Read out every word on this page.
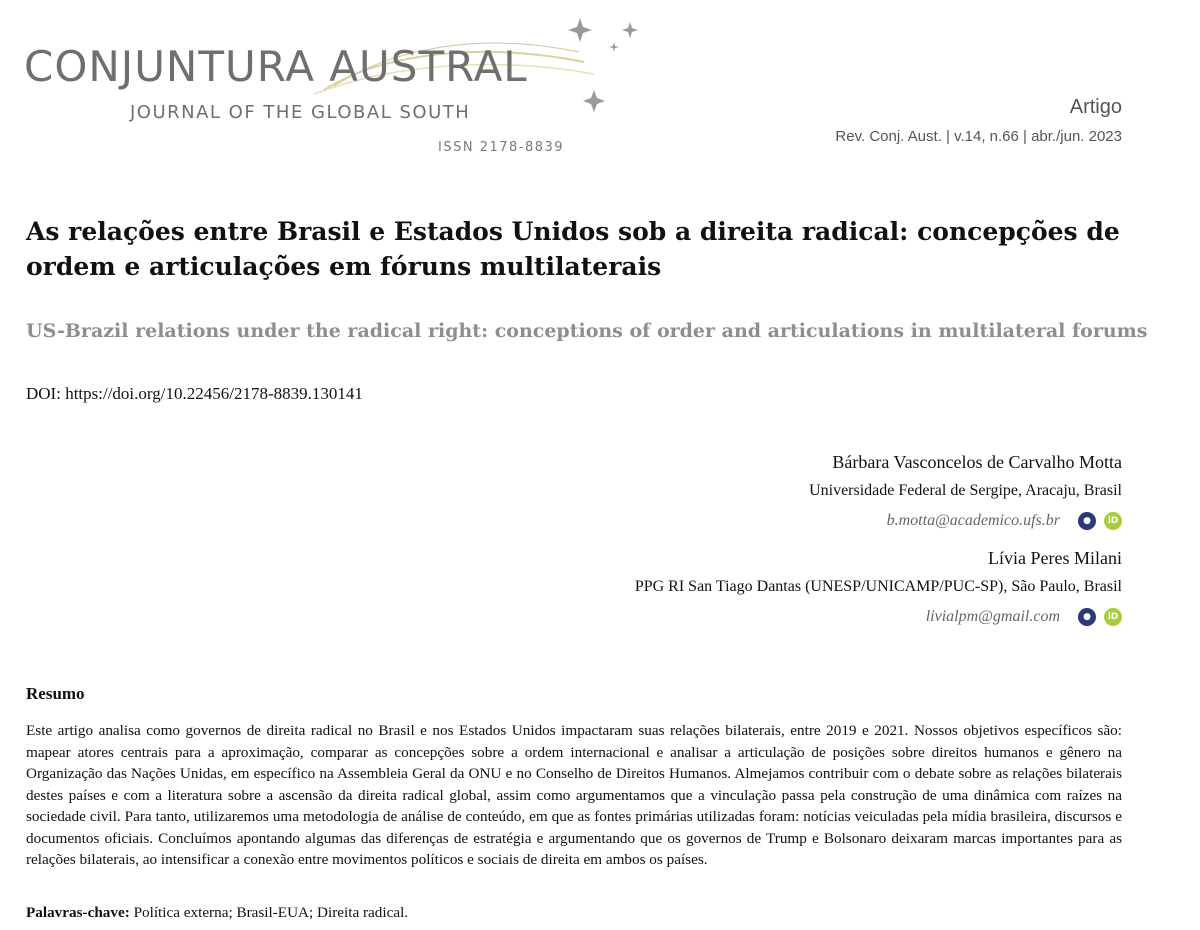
CONJUNTURA AUSTRAL
JOURNAL OF THE GLOBAL SOUTH
ISSN 2178-8839
Artigo
Rev. Conj. Aust. | v.14, n.66 | abr./jun. 2023
As relações entre Brasil e Estados Unidos sob a direita radical: concepções de ordem e articulações em fóruns multilaterais
US-Brazil relations under the radical right: conceptions of order and articulations in multilateral forums
DOI: https://doi.org/10.22456/2178-8839.130141
Bárbara Vasconcelos de Carvalho Motta
Universidade Federal de Sergipe, Aracaju, Brasil
b.motta@academico.ufs.br	●	iD
Lívia Peres Milani
PPG RI San Tiago Dantas (UNESP/UNICAMP/PUC-SP), São Paulo, Brasil
livialpm@gmail.com	●	iD
Resumo

Este artigo analisa como governos de direita radical no Brasil e nos Estados Unidos impactaram suas relações bilaterais, entre 2019 e 2021. Nossos objetivos específicos são: mapear atores centrais para a aproximação, comparar as concepções sobre a ordem internacional e analisar a articulação de posições sobre direitos humanos e gênero na Organização das Nações Unidas, em específico na Assembleia Geral da ONU e no Conselho de Direitos Humanos. Almejamos contribuir com o debate sobre as relações bilaterais destes países e com a literatura sobre a ascensão da direita radical global, assim como argumentamos que a vinculação passa pela construção de uma dinâmica com raízes na sociedade civil. Para tanto, utilizaremos uma metodologia de análise de conteúdo, em que as fontes primárias utilizadas foram: notícias veiculadas pela mídia brasileira, discursos e documentos oficiais. Concluímos apontando algumas das diferenças de estratégia e argumentando que os governos de Trump e Bolsonaro deixaram marcas importantes para as relações bilaterais, ao intensificar a conexão entre movimentos políticos e sociais de direita em ambos os países.

Palavras-chave: Política externa; Brasil-EUA; Direita radical.
